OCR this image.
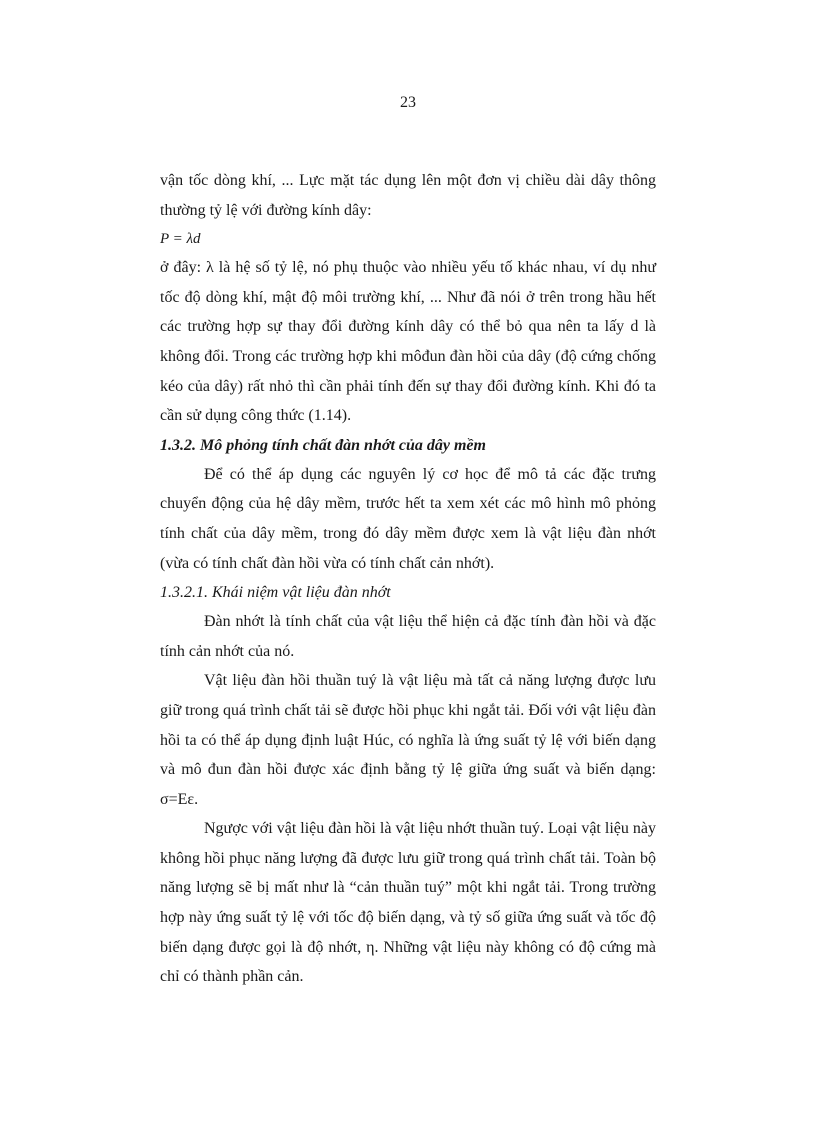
23

vận tốc dòng khí, ... Lực mặt tác dụng lên một đơn vị chiều dài dây thông thường tỷ lệ với đường kính dây:

P = λd

ở đây: λ là hệ số tỷ lệ, nó phụ thuộc vào nhiều yếu tố khác nhau, ví dụ như tốc độ dòng khí, mật độ môi trường khí, ... Như đã nói ở trên trong hầu hết các trường hợp sự thay đổi đường kính dây có thể bỏ qua nên ta lấy d là không đổi. Trong các trường hợp khi môđun đàn hồi của dây (độ cứng chống kéo của dây) rất nhỏ thì cần phải tính đến sự thay đổi đường kính. Khi đó ta cần sử dụng công thức (1.14).

1.3.2. Mô phỏng tính chất đàn nhớt của dây mềm

Để có thể áp dụng các nguyên lý cơ học để mô tả các đặc trưng chuyển động của hệ dây mềm, trước hết ta xem xét các mô hình mô phỏng tính chất của dây mềm, trong đó dây mềm được xem là vật liệu đàn nhớt (vừa có tính chất đàn hồi vừa có tính chất cản nhớt).

1.3.2.1. Khái niệm vật liệu đàn nhớt

Đàn nhớt là tính chất của vật liệu thể hiện cả đặc tính đàn hồi và đặc tính cản nhớt của nó.

Vật liệu đàn hồi thuần tuý là vật liệu mà tất cả năng lượng được lưu giữ trong quá trình chất tải sẽ được hồi phục khi ngắt tải. Đối với vật liệu đàn hồi ta có thể áp dụng định luật Húc, có nghĩa là ứng suất tỷ lệ với biến dạng và mô đun đàn hồi được xác định bằng tỷ lệ giữa ứng suất và biến dạng: σ=Eε.

Ngược với vật liệu đàn hồi là vật liệu nhớt thuần tuý. Loại vật liệu này không hồi phục năng lượng đã được lưu giữ trong quá trình chất tải. Toàn bộ năng lượng sẽ bị mất như là “cản thuần tuý” một khi ngắt tải. Trong trường hợp này ứng suất tỷ lệ với tốc độ biến dạng, và tỷ số giữa ứng suất và tốc độ biến dạng được gọi là độ nhớt, η. Những vật liệu này không có độ cứng mà chỉ có thành phần cản.
